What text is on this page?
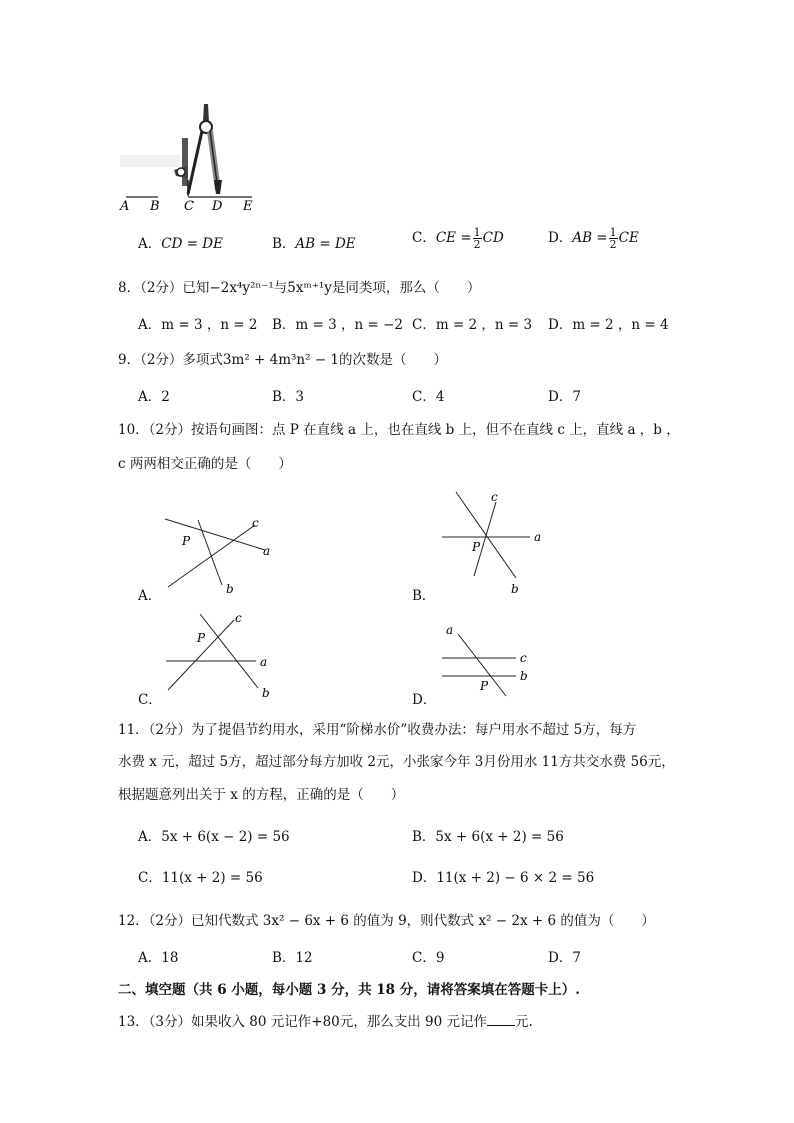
A B C D E
A．CD = DE	B．AB = DE	C．CE = $\frac{1}{2}$ CD	D．AB = $\frac{1}{2}$ CE
8．（2分）已知−2x⁴y²ⁿ⁻¹与5xᵐ⁺¹y是同类项，那么（　　）
A．m = 3 ，n = 2 B．m = 3 ，n = −2 C．m = 2 ，n = 3 D．m = 2 ，n = 4
9．（2分）多项式3m² + 4m³n² − 1的次数是（　　）
A．2	B．3	C．4	D．7
10．（2分）按语句画图：点 P 在直线 a 上，也在直线 b 上，但不在直线 c 上，直线 a ，b ，
c 两两相交正确的是（　　）
P
c
a
b
A．
P
c
a
b
B．
P
c
a
b
C．
a
c
b
P
D．
11．（2分）为了提倡节约用水，采用“阶梯水价”收费办法：每户用水不超过 5方，每方
水费 x 元，超过 5方，超过部分每方加收 2元，小张家今年 3月份用水 11方共交水费 56元，
根据题意列出关于 x 的方程，正确的是（　　）
A．5x + 6(x − 2) = 56	B．5x + 6(x + 2) = 56
C．11(x + 2) = 56	D．11(x + 2) − 6 × 2 = 56
12．（2分）已知代数式 3x² − 6x + 6 的值为 9，则代数式 x² − 2x + 6 的值为（　　）
A．18	B．12	C．9	D．7
二、填空题（共 6 小题，每小题 3 分，共 18 分，请将答案填在答题卡上）.
13．（3分）如果收入 80 元记作+80元，那么支出 90 元记作 元.
